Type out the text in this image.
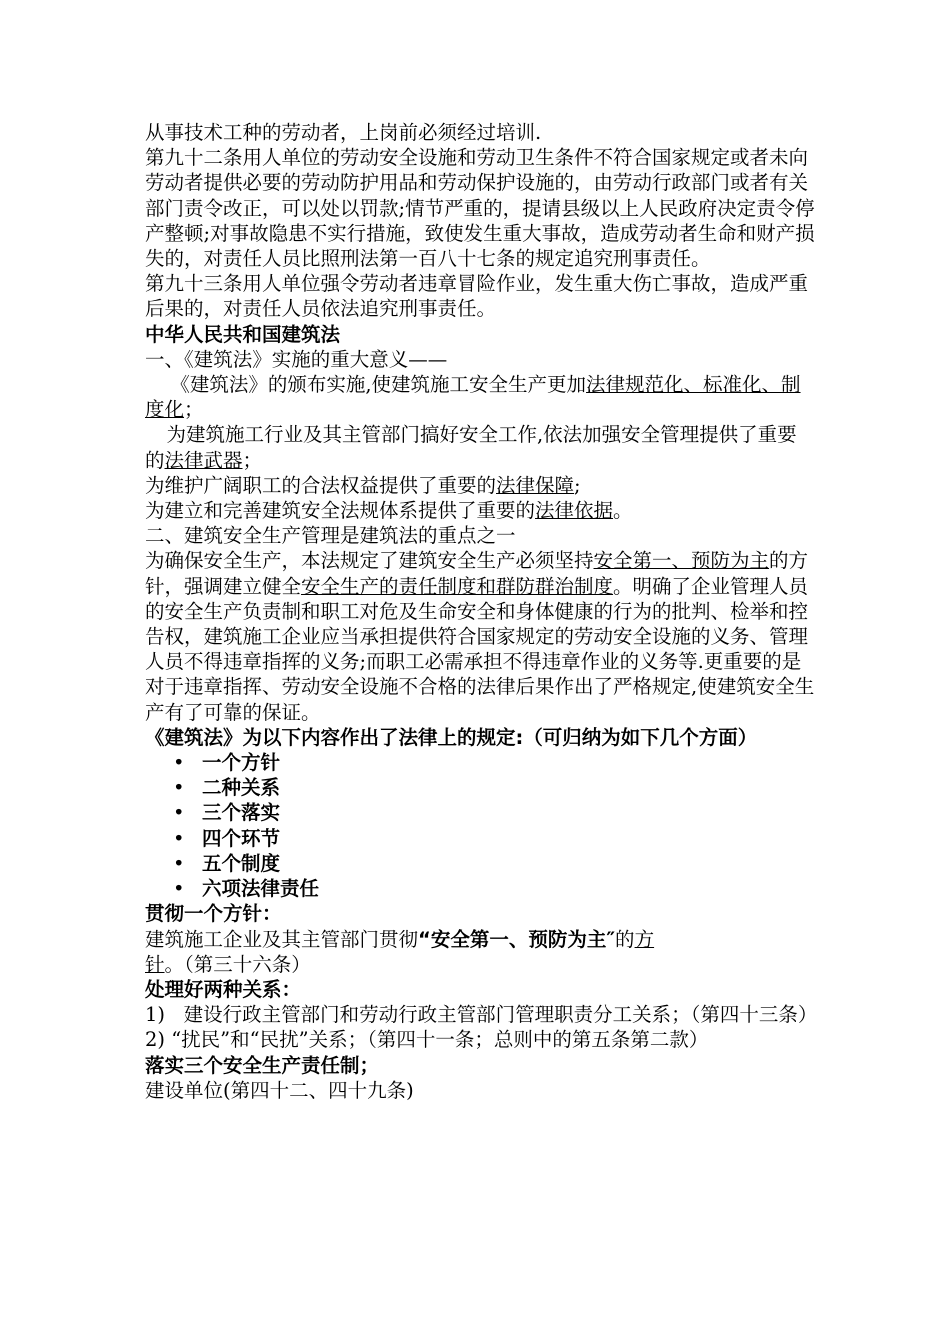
从事技术工种的劳动者，上岗前必须经过培训.

第九十二条用人单位的劳动安全设施和劳动卫生条件不符合国家规定或者未向劳动者提供必要的劳动防护用品和劳动保护设施的，由劳动行政部门或者有关部门责令改正，可以处以罚款;情节严重的，提请县级以上人民政府决定责令停产整顿;对事故隐患不实行措施，致使发生重大事故，造成劳动者生命和财产损失的，对责任人员比照刑法第一百八十七条的规定追究刑事责任。

第九十三条用人单位强令劳动者违章冒险作业，发生重大伤亡事故，造成严重后果的，对责任人员依法追究刑事责任。

中华人民共和国建筑法

一、《建筑法》实施的重大意义——

《建筑法》的颁布实施,使建筑施工安全生产更加法律规范化、标准化、制度化；

为建筑施工行业及其主管部门搞好安全工作,依法加强安全管理提供了重要的法律武器；

为维护广阔职工的合法权益提供了重要的法律保障;

为建立和完善建筑安全法规体系提供了重要的法律依据。

二、建筑安全生产管理是建筑法的重点之一

为确保安全生产，本法规定了建筑安全生产必须坚持安全第一、预防为主的方针，强调建立健全安全生产的责任制度和群防群治制度。明确了企业管理人员的安全生产负责制和职工对危及生命安全和身体健康的行为的批判、检举和控告权，建筑施工企业应当承担提供符合国家规定的劳动安全设施的义务、管理人员不得违章指挥的义务;而职工必需承担不得违章作业的义务等.更重要的是对于违章指挥、劳动安全设施不合格的法律后果作出了严格规定,使建筑安全生产有了可靠的保证。

《建筑法》为以下内容作出了法律上的规定:（可归纳为如下几个方面）

• 一个方针
• 二种关系
• 三个落实
• 四个环节
• 五个制度
• 六项法律责任

贯彻一个方针：

建筑施工企业及其主管部门贯彻“安全第一、预防为主″的方针。（第三十六条）

处理好两种关系：

1)   建设行政主管部门和劳动行政主管部门管理职责分工关系；（第四十三条）

2) “扰民”和“民扰”关系；（第四十一条；总则中的第五条第二款）

落实三个安全生产责任制；

建设单位(第四十二、四十九条)
